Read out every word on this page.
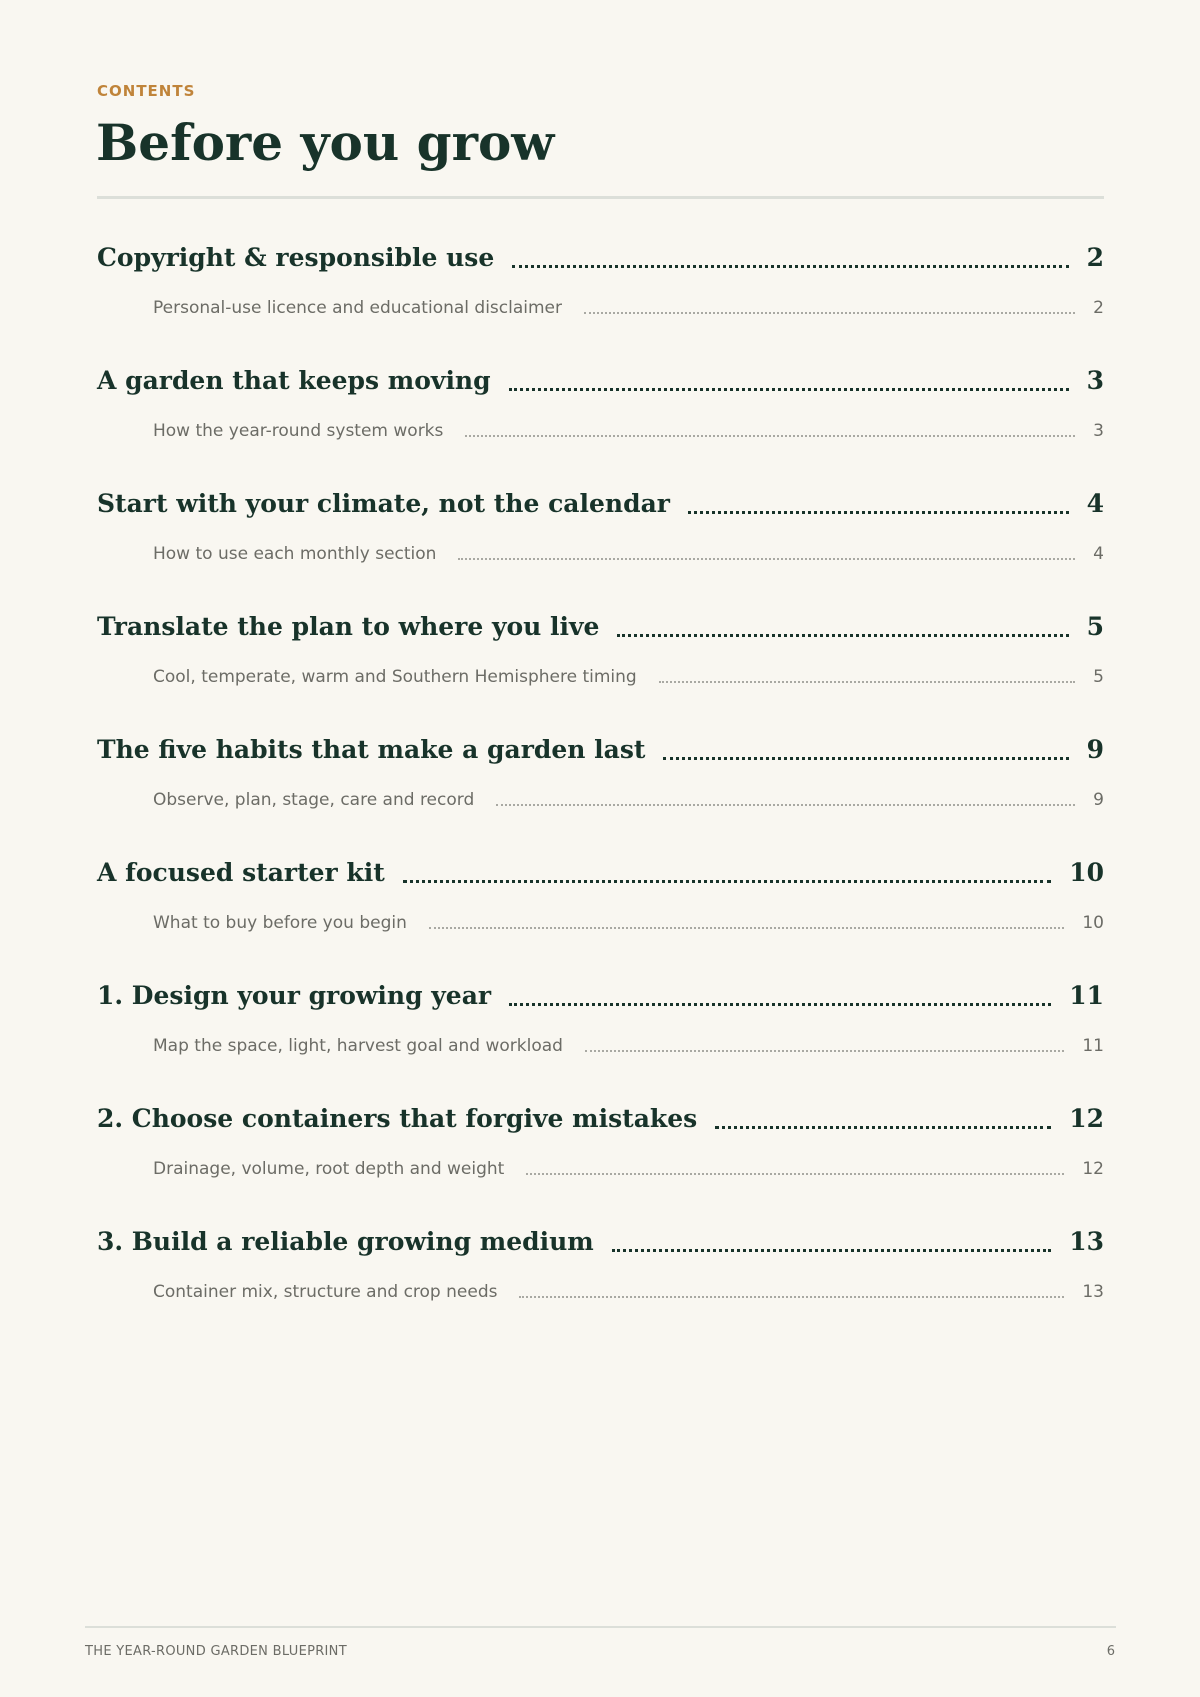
CONTENTS
Before you grow
Copyright & responsible use	2
Personal-use licence and educational disclaimer	2
A garden that keeps moving	3
How the year-round system works	3
Start with your climate, not the calendar	4
How to use each monthly section	4
Translate the plan to where you live	5
Cool, temperate, warm and Southern Hemisphere timing	5
The five habits that make a garden last	9
Observe, plan, stage, care and record	9
A focused starter kit	10
What to buy before you begin	10
1. Design your growing year	11
Map the space, light, harvest goal and workload	11
2. Choose containers that forgive mistakes	12
Drainage, volume, root depth and weight	12
3. Build a reliable growing medium	13
Container mix, structure and crop needs	13
THE YEAR-ROUND GARDEN BLUEPRINT	6
